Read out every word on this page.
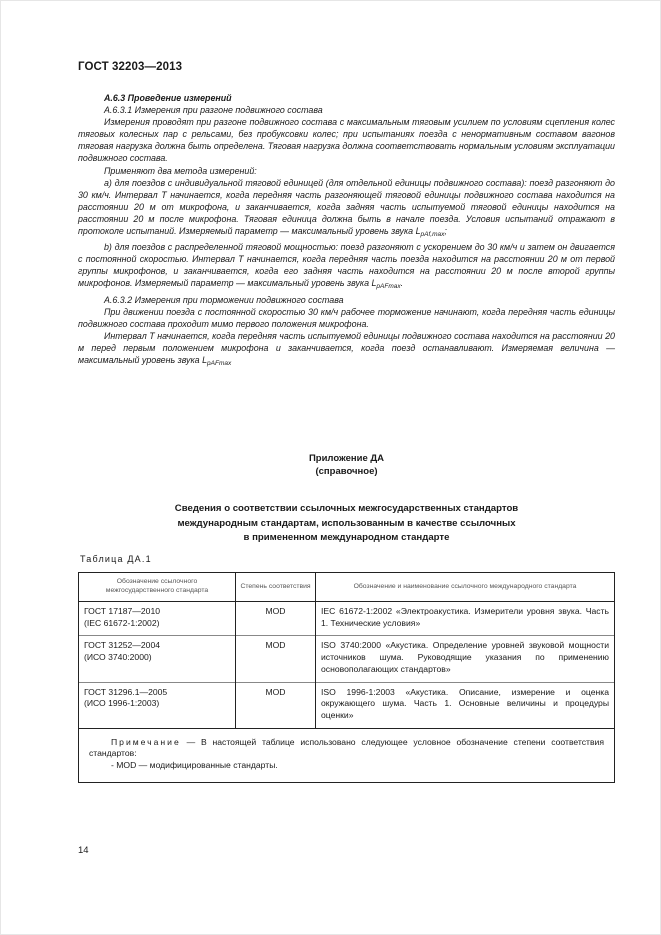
ГОСТ 32203—2013

А.6.3 Проведение измерений

А.6.3.1 Измерения при разгоне подвижного состава

Измерения проводят при разгоне подвижного состава с максимальным тяговым усилием по условиям сцепления колес тяговых колесных пар с рельсами, без пробуксовки колес; при испытаниях поезда с ненормативным составом вагонов тяговая нагрузка должна быть определена. Тяговая нагрузка должна соответствовать нормальным условиям эксплуатации подвижного состава.

Применяют два метода измерений:

а) для поездов с индивидуальной тяговой единицей (для отдельной единицы подвижного состава): поезд разгоняют до 30 км/ч. Интервал Т начинается, когда передняя часть разгоняющей тяговой единицы подвижного состава находится на расстоянии 20 м от микрофона, и заканчивается, когда задняя часть испытуемой тяговой единицы находится на расстоянии 20 м после микрофона. Тяговая единица должна быть в начале поезда. Условия испытаний отражают в протоколе испытаний. Измеряемый параметр — максимальный уровень звука $L_{pAf,max}$;

b) для поездов с распределенной тяговой мощностью: поезд разгоняют с ускорением до 30 км/ч и затем он двигается с постоянной скоростью. Интервал Т начинается, когда передняя часть поезда находится на расстоянии 20 м от первой группы микрофонов, и заканчивается, когда его задняя часть находится на расстоянии 20 м после второй группы микрофонов. Измеряемый параметр — максимальный уровень звука $L_{pAFmax}$.

А.6.3.2 Измерения при торможении подвижного состава

При движении поезда с постоянной скоростью 30 км/ч рабочее торможение начинают, когда передняя часть единицы подвижного состава проходит мимо первого положения микрофона.

Интервал Т начинается, когда передняя часть испытуемой единицы подвижного состава находится на расстоянии 20 м перед первым положением микрофона и заканчивается, когда поезд останавливают. Измеряемая величина — максимальный уровень звука $L_{pAFmax}$

Приложение ДА
(справочное)
Сведения о соответствии ссылочных межгосударственных стандартов
международным стандартам, использованным в качестве ссылочных
в примененном международном стандарте
Таблица ДА.1
Обозначение ссылочного межгосударственного стандарта	Степень соответствия	Обозначение и наименование ссылочного международного стандарта

ГОСТ 17187—2010
(IEC 61672-1:2002)	MOD	IEC 61672-1:2002 «Электроакустика. Измерители уровня звука. Часть 1. Технические условия»

ГОСТ 31252—2004
(ИСО 3740:2000)	MOD	ISO 3740:2000 «Акустика. Определение уровней звуковой мощности источников шума. Руководящие указания по применению основополагающих стандартов»

ГОСТ 31296.1—2005
(ИСО 1996-1:2003)	MOD	ISO 1996-1:2003 «Акустика. Описание, измерение и оценка окружающего шума. Часть 1. Основные величины и процедуры оценки»

Примечание — В настоящей таблице использовано следующее условное обозначение степени соответствия стандартов:
- MOD — модифицированные стандарты.		
14
